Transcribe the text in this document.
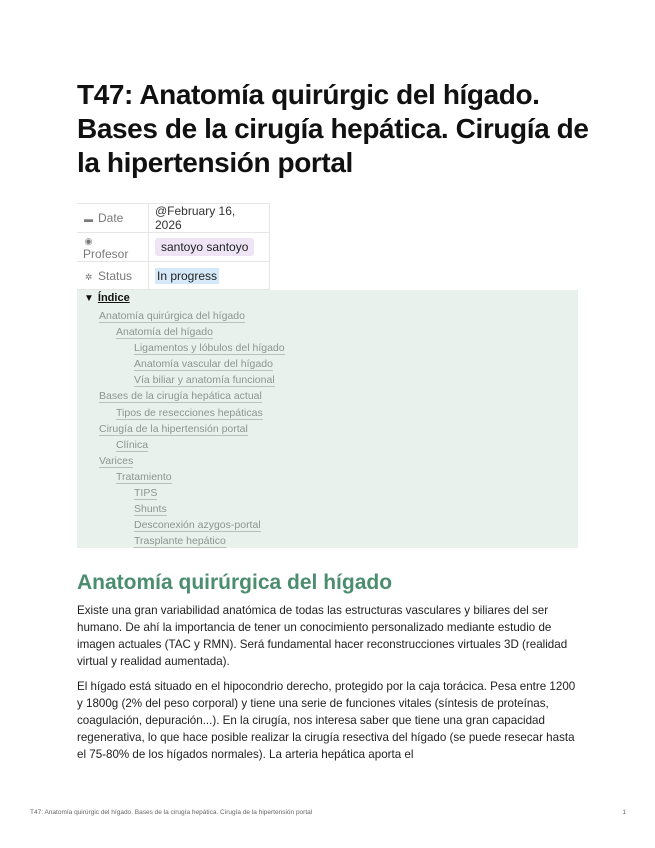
T47: Anatomía quirúrgic del hígado. Bases de la cirugía hepática. Cirugía de la hipertensión portal
▬ Date	@February 16, 2026
◉Profesor	santoyo santoyo
✲ Status	In progress
▼ Índice
Anatomía quirúrgica del hígado
Anatomía del hígado
Ligamentos y lóbulos del hígado
Anatomía vascular del hígado
Vía biliar y anatomía funcional
Bases de la cirugía hepática actual
Tipos de resecciones hepáticas
Cirugía de la hipertensión portal
Clínica
Varices
Tratamiento
TIPS
Shunts
Desconexión azygos-portal
Trasplante hepático
Anatomía quirúrgica del hígado

Existe una gran variabilidad anatómica de todas las estructuras vasculares y biliares del ser humano. De ahí la importancia de tener un conocimiento personalizado mediante estudio de imagen actuales (TAC y RMN). Será fundamental hacer reconstrucciones virtuales 3D (realidad virtual y realidad aumentada).

El hígado está situado en el hipocondrio derecho, protegido por la caja torácica. Pesa entre 1200 y 1800g (2% del peso corporal) y tiene una serie de funciones vitales (síntesis de proteínas, coagulación, depuración...). En la cirugía, nos interesa saber que tiene una gran capacidad regenerativa, lo que hace posible realizar la cirugía resectiva del hígado (se puede resecar hasta el 75-80% de los hígados normales). La arteria hepática aporta el

T47: Anatomía quirúrgic del hígado. Bases de la cirugía hepática. Cirugía de la hipertensión portal	1
